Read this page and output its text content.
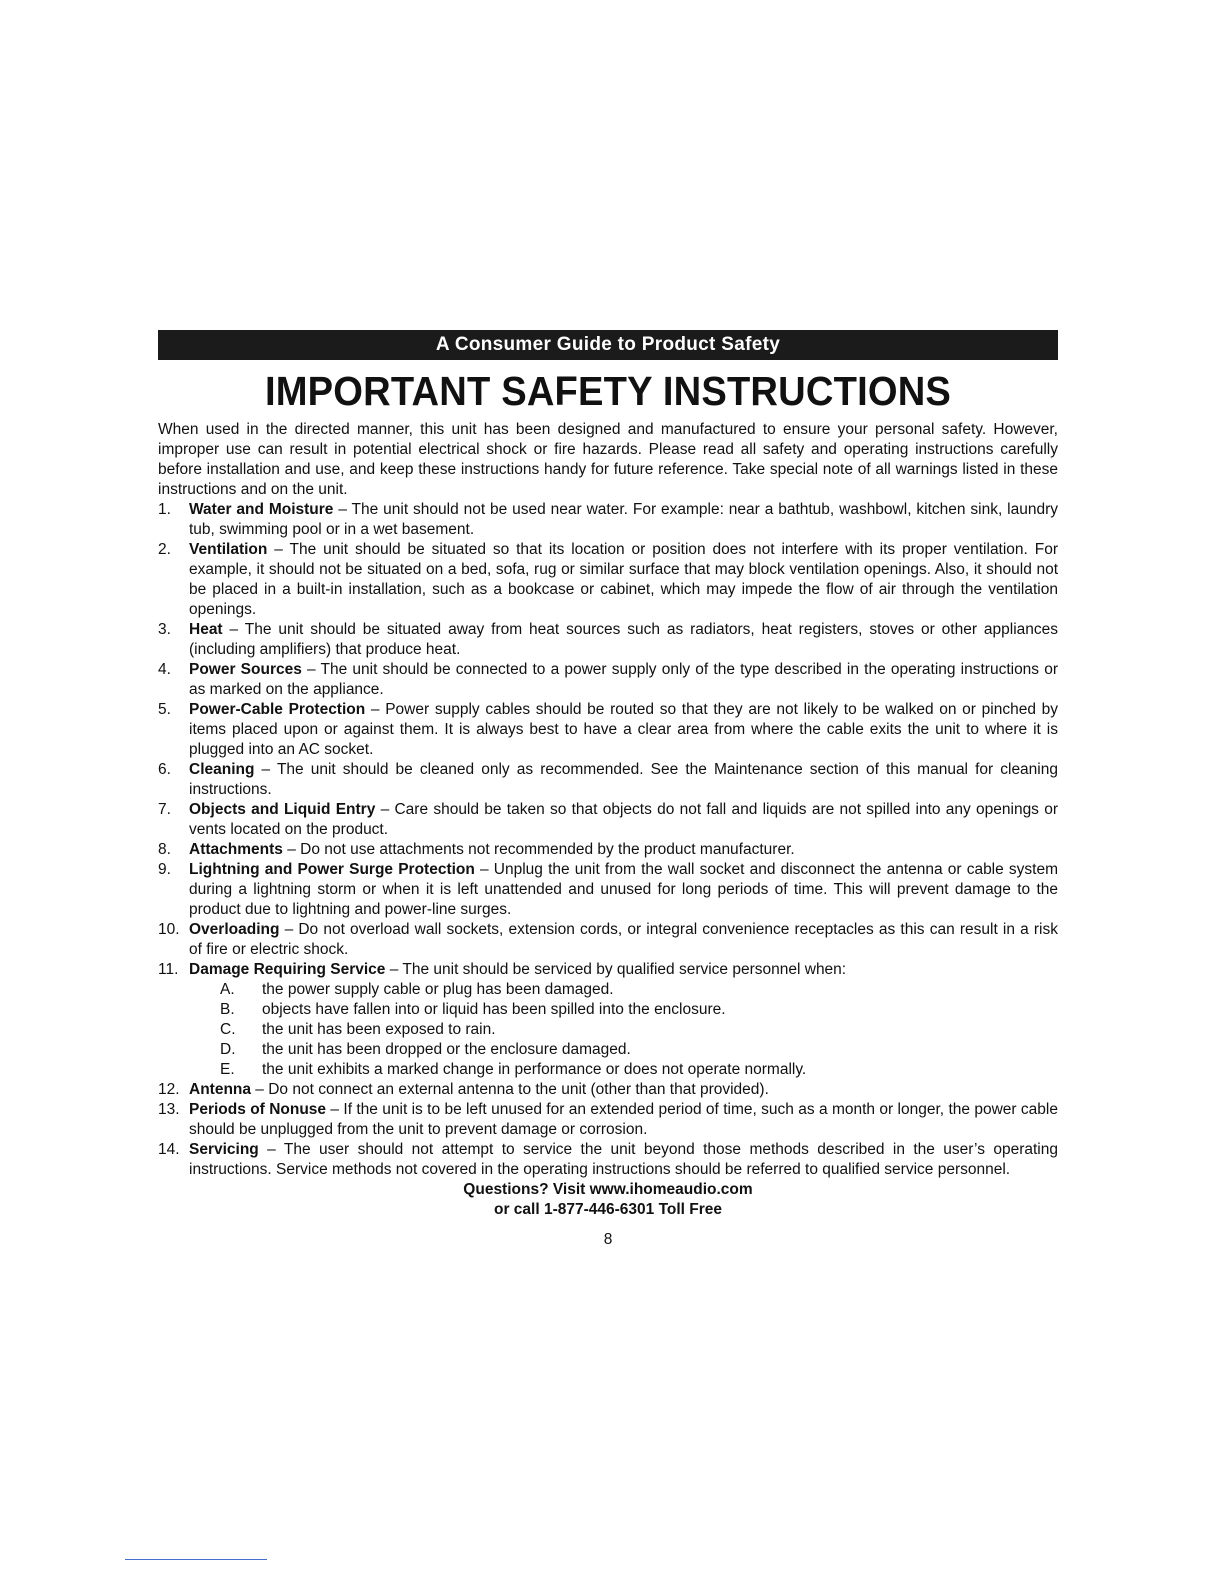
A Consumer Guide to Product Safety
IMPORTANT SAFETY INSTRUCTIONS

When used in the directed manner, this unit has been designed and manufactured to ensure your personal safety. However, improper use can result in potential electrical shock or fire hazards. Please read all safety and operating instructions carefully before installation and use, and keep these instructions handy for future reference. Take special note of all warnings listed in these instructions and on the unit.

1. Water and Moisture – The unit should not be used near water. For example: near a bathtub, washbowl, kitchen sink, laundry tub, swimming pool or in a wet basement.
2. Ventilation – The unit should be situated so that its location or position does not interfere with its proper ventilation. For example, it should not be situated on a bed, sofa, rug or similar surface that may block ventilation openings. Also, it should not be placed in a built-in installation, such as a bookcase or cabinet, which may impede the flow of air through the ventilation openings.
3. Heat – The unit should be situated away from heat sources such as radiators, heat registers, stoves or other appliances (including amplifiers) that produce heat.
4. Power Sources – The unit should be connected to a power supply only of the type described in the operating instructions or as marked on the appliance.
5. Power-Cable Protection – Power supply cables should be routed so that they are not likely to be walked on or pinched by items placed upon or against them. It is always best to have a clear area from where the cable exits the unit to where it is plugged into an AC socket.
6. Cleaning – The unit should be cleaned only as recommended. See the Maintenance section of this manual for cleaning instructions.
7. Objects and Liquid Entry – Care should be taken so that objects do not fall and liquids are not spilled into any openings or vents located on the product.
8. Attachments – Do not use attachments not recommended by the product manufacturer.
9. Lightning and Power Surge Protection – Unplug the unit from the wall socket and disconnect the antenna or cable system during a lightning storm or when it is left unattended and unused for long periods of time. This will prevent damage to the product due to lightning and power-line surges.
10. Overloading – Do not overload wall sockets, extension cords, or integral convenience receptacles as this can result in a risk of fire or electric shock.
11. Damage Requiring Service – The unit should be serviced by qualified service personnel when:
A. the power supply cable or plug has been damaged.
B. objects have fallen into or liquid has been spilled into the enclosure.
C. the unit has been exposed to rain.
D. the unit has been dropped or the enclosure damaged.
E. the unit exhibits a marked change in performance or does not operate normally.
12. Antenna – Do not connect an external antenna to the unit (other than that provided).
13. Periods of Nonuse – If the unit is to be left unused for an extended period of time, such as a month or longer, the power cable should be unplugged from the unit to prevent damage or corrosion.
14. Servicing – The user should not attempt to service the unit beyond those methods described in the user’s operating instructions. Service methods not covered in the operating instructions should be referred to qualified service personnel.
Questions? Visit www.ihomeaudio.com
or call 1-877-446-6301 Toll Free
8
